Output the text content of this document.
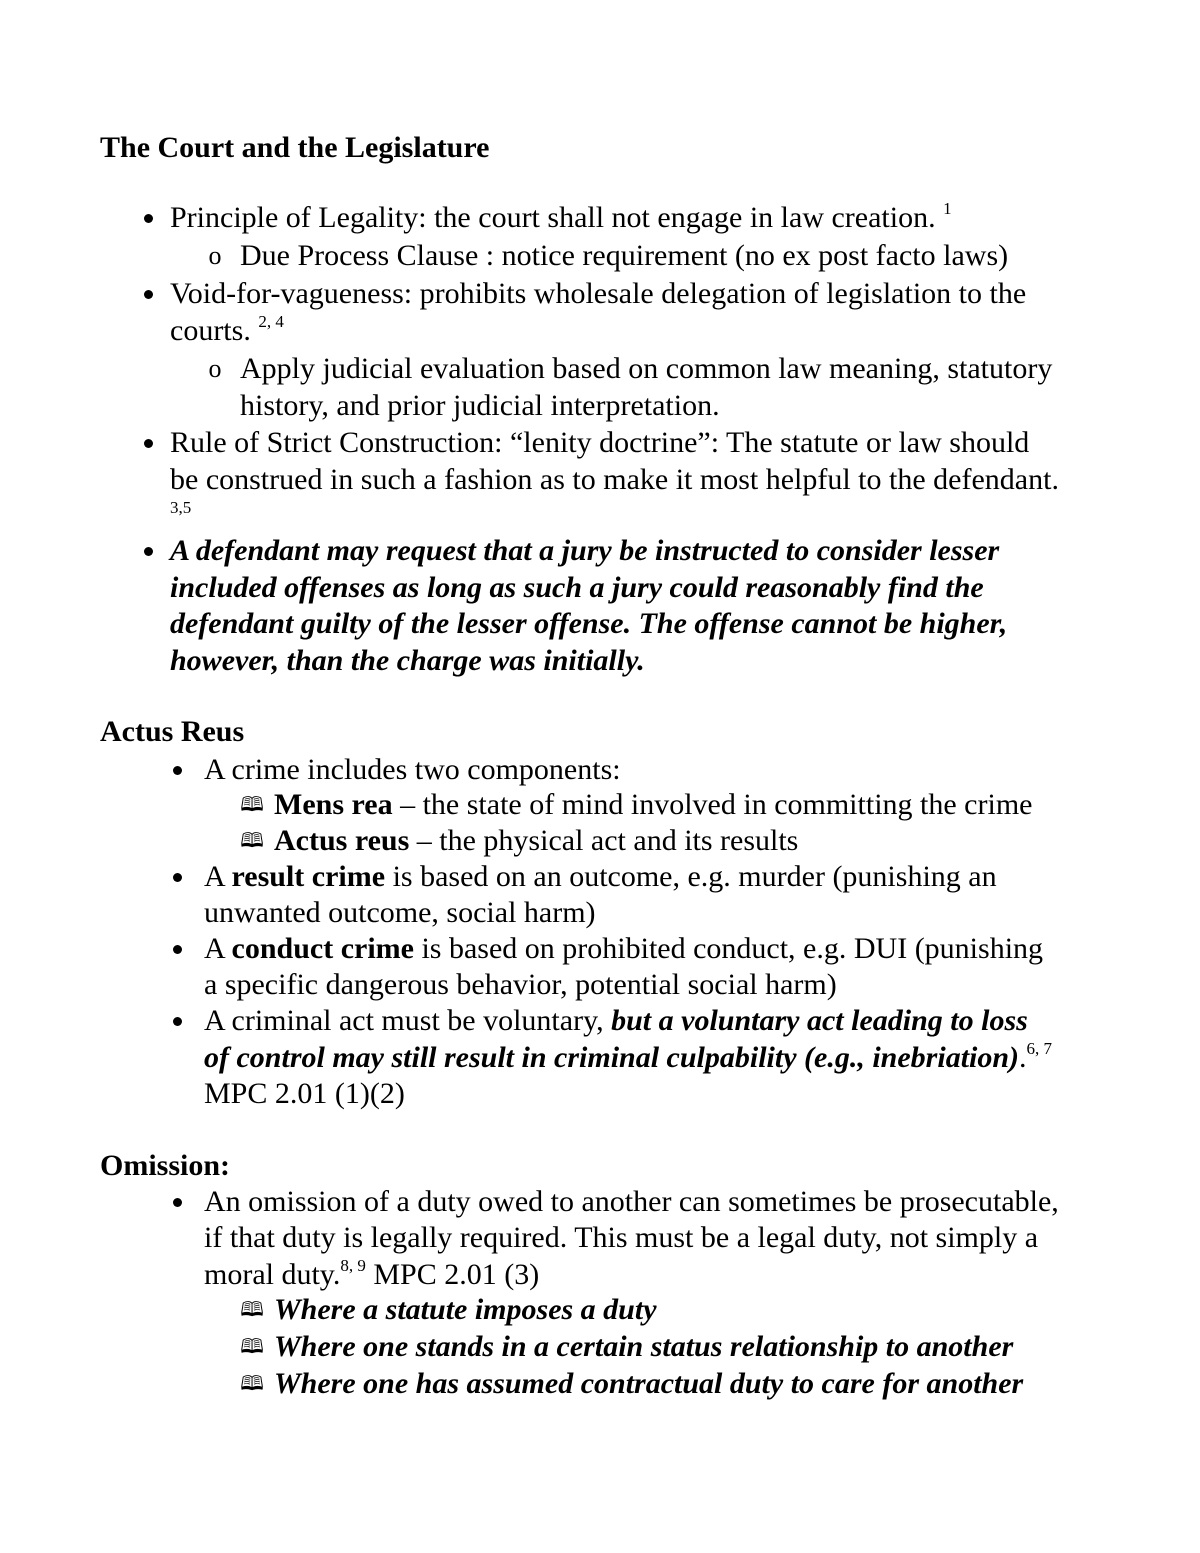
The Court and the Legislature
Principle of Legality: the court shall not engage in law creation. $^1$
o Due Process Clause : notice requirement (no ex post facto laws)
Void-for-vagueness: prohibits wholesale delegation of legislation to the
courts. $^{2, 4}$
o Apply judicial evaluation based on common law meaning, statutory
history, and prior judicial interpretation.
Rule of Strict Construction: “lenity doctrine”: The statute or law should
be construed in such a fashion as to make it most helpful to the defendant.
3,5
A defendant may request that a jury be instructed to consider lesser
included offenses as long as such a jury could reasonably find the
defendant guilty of the lesser offense. The offense cannot be higher,
however, than the charge was initially.
Actus Reus
A crime includes two components:
🕮 Mens rea – the state of mind involved in committing the crime
🕮 Actus reus – the physical act and its results
A result crime is based on an outcome, e.g. murder (punishing an
unwanted outcome, social harm)
A conduct crime is based on prohibited conduct, e.g. DUI (punishing
a specific dangerous behavior, potential social harm)
A criminal act must be voluntary, but a voluntary act leading to loss
of control may still result in criminal culpability (e.g., inebriation).$^{6, 7}$
MPC 2.01 (1)(2)
Omission:
An omission of a duty owed to another can sometimes be prosecutable,
if that duty is legally required. This must be a legal duty, not simply a
moral duty.$^{8, 9}$ MPC 2.01 (3)
🕮 Where a statute imposes a duty
🕮 Where one stands in a certain status relationship to another
🕮 Where one has assumed contractual duty to care for another
